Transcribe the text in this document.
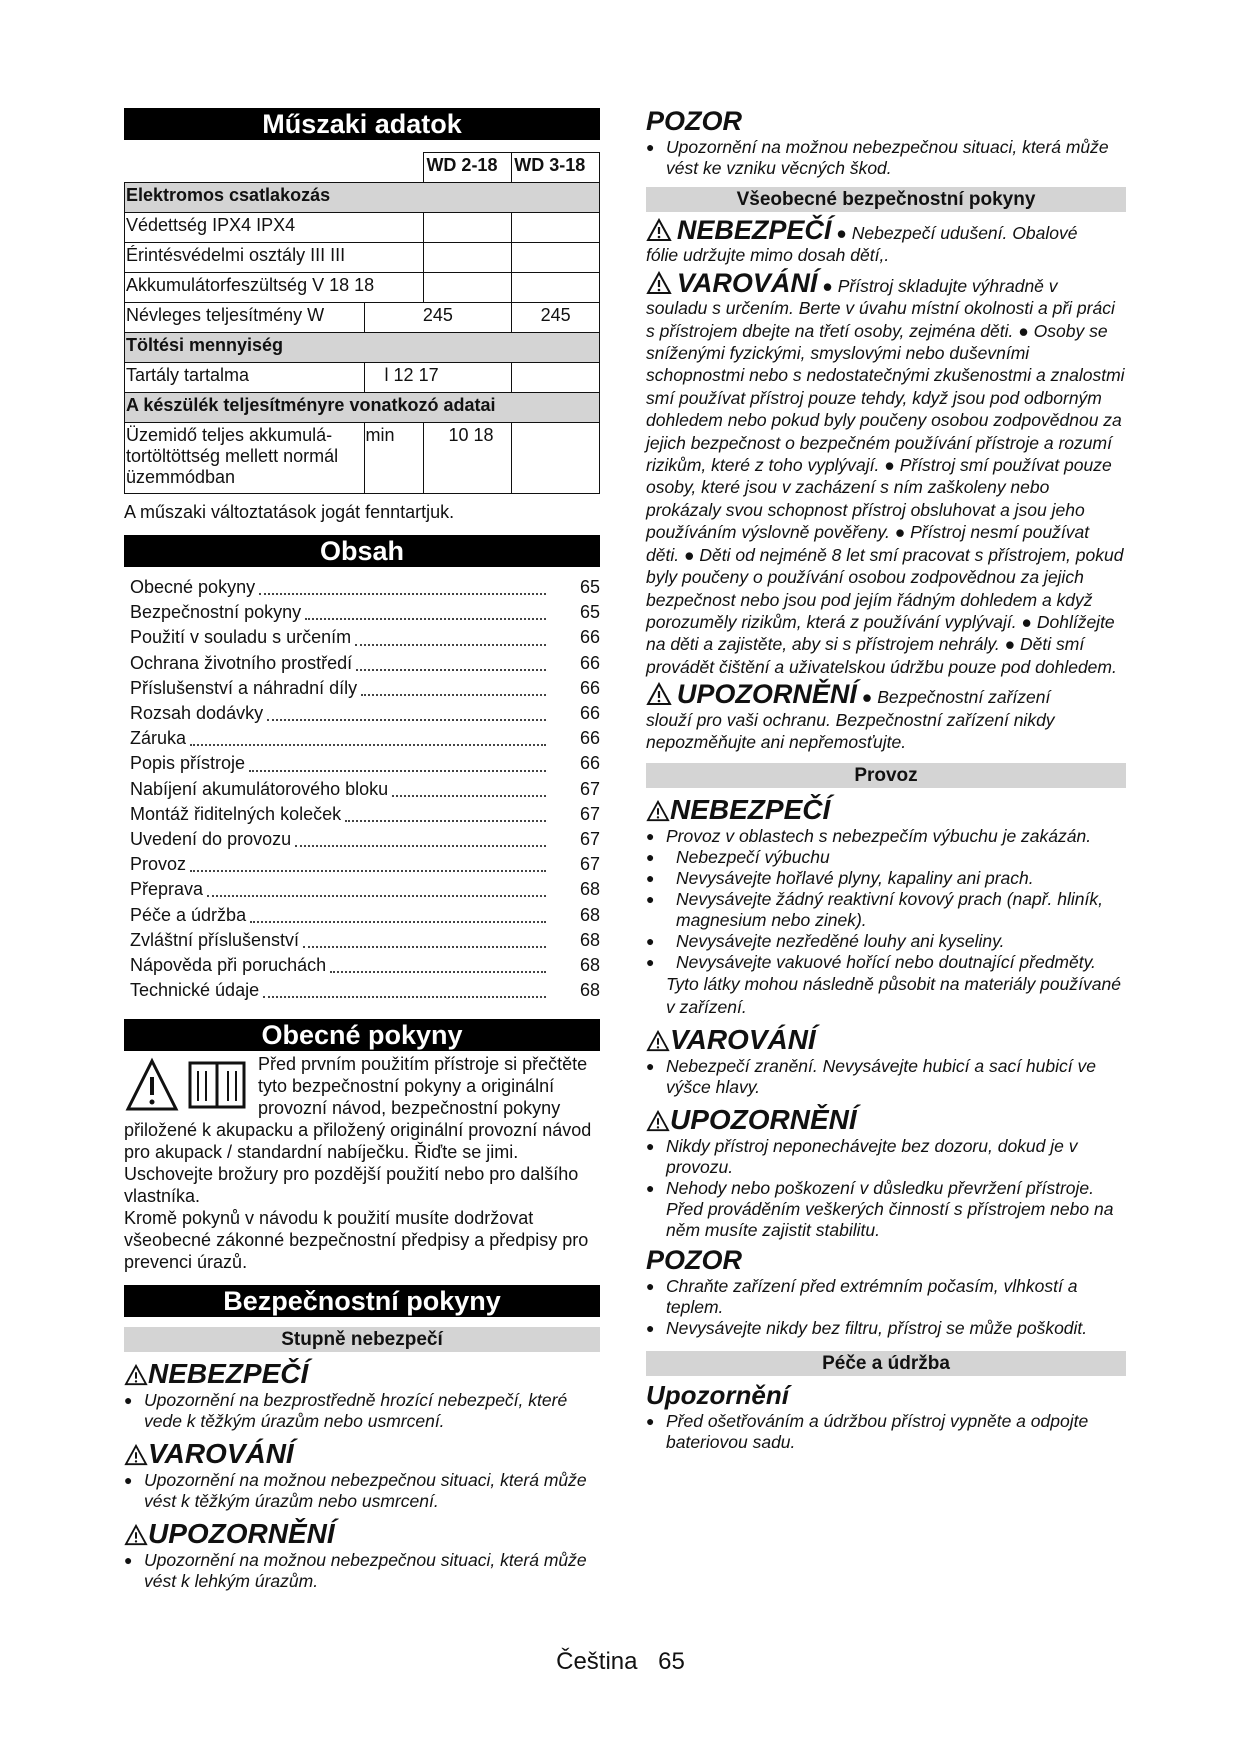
Műszaki adatok
		WD 2-18	WD 3-18
Elektromos csatlakozás			
Védettség IPX4 IPX4			
Érintésvédelmi osztály III III			
Akkumulátorfeszültség V 18 18			
Névleges teljesítmény W	245		245
Töltési mennyiség			
Tartály tartalma	l 12 17		
A készülék teljesítményre vonatkozó adatai			
Üzemidő teljes akkumulá-tortöltöttség mellett normál üzemmódban	min	10 18	
A műszaki változtatások jogát fenntartjuk.
Obsah
Obecné pokyny	65
Bezpečnostní pokyny	65
Použití v souladu s určením	66
Ochrana životního prostředí	66
Příslušenství a náhradní díly	66
Rozsah dodávky	66
Záruka	66
Popis přístroje	66
Nabíjení akumulátorového bloku	67
Montáž řiditelných koleček	67
Uvedení do provozu	67
Provoz	67
Přeprava	68
Péče a údržba	68
Zvláštní příslušenství	68
Nápověda při poruchách	68
Technické údaje	68
Obecné pokyny

Před prvním použitím přístroje si přečtěte tyto bezpečnostní pokyny a originální provozní návod, bezpečnostní pokyny přiložené k akupacku a přiložený originální provozní návod pro akupack / standardní nabíječku. Řiďte se jimi. Uschovejte brožury pro pozdější použití nebo pro dalšího vlastníka.

Kromě pokynů v návodu k použití musíte dodržovat všeobecné zákonné bezpečnostní předpisy a předpisy pro prevenci úrazů.

Bezpečnostní pokyny
Stupně nebezpečí
NEBEZPEČÍ
● Upozornění na bezprostředně hrozící nebezpečí, které vede k těžkým úrazům nebo usmrcení.
VAROVÁNÍ
● Upozornění na možnou nebezpečnou situaci, která může vést k těžkým úrazům nebo usmrcení.
UPOZORNĚNÍ
● Upozornění na možnou nebezpečnou situaci, která může vést k lehkým úrazům.
POZOR
● Upozornění na možnou nebezpečnou situaci, která může vést ke vzniku věcných škod.
Všeobecné bezpečnostní pokyny
NEBEZPEČÍ ● Nebezpečí udušení. Obalové

fólie udržujte mimo dosah dětí,.

VAROVÁNÍ ● Přístroj skladujte výhradně v

souladu s určením. Berte v úvahu místní okolnosti a při práci s přístrojem dbejte na třetí osoby, zejména děti. ● Osoby se sníženými fyzickými, smyslovými nebo duševními schopnostmi nebo s nedostatečnými zkušenostmi a znalostmi smí používat přístroj pouze tehdy, když jsou pod odborným dohledem nebo pokud byly poučeny osobou zodpovědnou za jejich bezpečnost o bezpečném používání přístroje a rozumí rizikům, které z toho vyplývají. ● Přístroj smí používat pouze osoby, které jsou v zacházení s ním zaškoleny nebo prokázaly svou schopnost přístroj obsluhovat a jsou jeho používáním výslovně pověřeny. ● Přístroj nesmí používat děti. ● Děti od nejméně 8 let smí pracovat s přístrojem, pokud byly poučeny o používání osobou zodpovědnou za jejich bezpečnost nebo jsou pod jejím řádným dohledem a když porozuměly rizikům, která z používání vyplývají. ● Dohlížejte na děti a zajistěte, aby si s přístrojem nehrály. ● Děti smí provádět čištění a uživatelskou údržbu pouze pod dohledem.

UPOZORNĚNÍ ● Bezpečnostní zařízení

slouží pro vaši ochranu. Bezpečnostní zařízení nikdy nepozměňujte ani nepřemosťujte.

Provoz
NEBEZPEČÍ
● Provoz v oblastech s nebezpečím výbuchu je zakázán.
● Nebezpečí výbuchu
● Nevysávejte hořlavé plyny, kapaliny ani prach.
● Nevysávejte žádný reaktivní kovový prach (např. hliník, magnesium nebo zinek).
● Nevysávejte nezředěné louhy ani kyseliny.
● Nevysávejte vakuové hořící nebo doutnající předměty.

Tyto látky mohou následně působit na materiály používané v zařízení.

VAROVÁNÍ
● Nebezpečí zranění. Nevysávejte hubicí a sací hubicí ve výšce hlavy.
UPOZORNĚNÍ
● Nikdy přístroj neponechávejte bez dozoru, dokud je v provozu.
● Nehody nebo poškození v důsledku převržení přístroje. Před prováděním veškerých činností s přístrojem nebo na něm musíte zajistit stabilitu.
POZOR
● Chraňte zařízení před extrémním počasím, vlhkostí a teplem.
● Nevysávejte nikdy bez filtru, přístroj se může poškodit.
Péče a údržba
Upozornění
● Před ošetřováním a údržbou přístroj vypněte a odpojte bateriovou sadu.
Čeština 65
